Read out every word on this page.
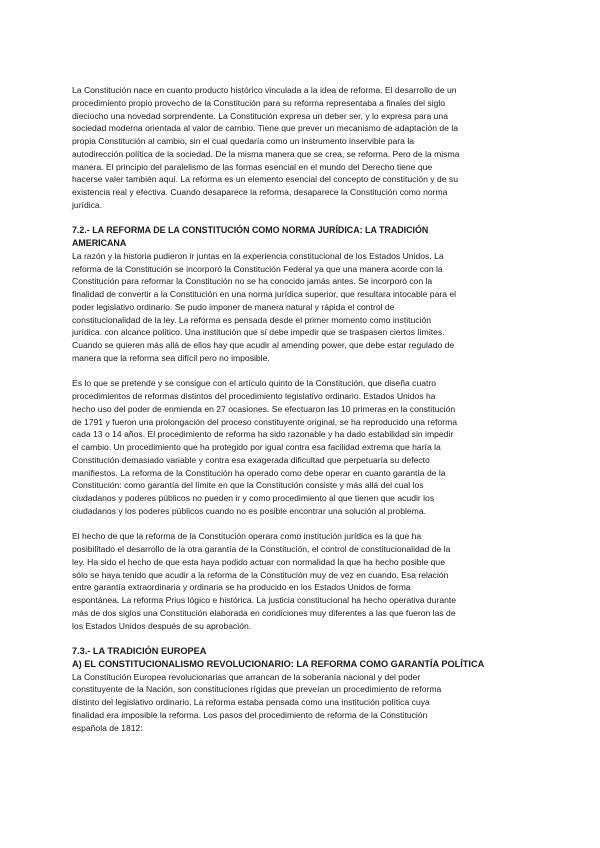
La Constitución nace en cuanto producto histórico vinculada a la idea de reforma. El desarrollo de un
procedimiento propio provecho de la Constitución para su reforma representaba a finales del siglo
dieciocho una novedad sorprendente. La Constitución expresa un deber ser, y lo expresa para una
sociedad moderna orientada al valor de cambio. Tiene que prever un mecanismo de adaptación de la
propia Constitución al cambio, sin el cual quedaría como un instrumento inservible para la
autodirección política de la sociedad. De la misma manera que se crea, se reforma. Pero de la misma
manera. El principio del paralelismo de las formas esencial en el mundo del Derecho tiene que
hacerse valer también aquí. La reforma es un elemento esencial del concepto de constitución y de su
existencia real y efectiva. Cuando desaparece la reforma, desaparece la Constitución como norma
jurídica.

7.2.- LA REFORMA DE LA CONSTITUCIÓN COMO NORMA JURÍDICA: LA TRADICIÓN
AMERICANA

La razón y la historia pudieron ir juntas en la experiencia constitucional de los Estados Unidos. La
reforma de la Constitución se incorporó la Constitución Federal ya que una manera acorde con la
Constitución para reformar la Constitución no se ha conocido jamás antes. Se incorporó con la
finalidad de convertir a la Constitución en una norma jurídica superior, que resultara intocable para el
poder legislativo ordinario. Se pudo imponer de manera natural y rápida el control de
constitucionalidad de la ley. La reforma es pensada desde el primer momento como institución
jurídica. con alcance político. Una institución que sí debe impedir que se traspasen ciertos límites.
Cuando se quieren más allá de ellos hay que acudir al amending power, que debe estar regulado de
manera que la reforma sea difícil pero no imposible.

Es lo que se pretende y se consigue con el artículo quinto de la Constitución, que diseña cuatro
procedimientos de reformas distintos del procedimiento legislativo ordinario. Estados Unidos ha
hecho uso del poder de enmienda en 27 ocasiones. Se efectuaron las 10 primeras en la constitución
de 1791 y fueron una prolongación del proceso constituyente original, se ha reproducido una reforma
cada 13 o 14 años. El procedimiento de reforma ha sido razonable y ha dado estabilidad sin impedir
el cambio. Un procedimiento que ha protegido por igual contra esa facilidad extrema que haría la
Constitución demasiado variable y contra esa exagerada dificultad que perpetuaría su defecto
manifiestos. La reforma de la Constitución ha operado como debe operar en cuanto garantía de la
Constitución: como garantía del límite en que la Constitución consiste y más allá del cual los
ciudadanos y poderes públicos no pueden ir y como procedimiento al que tienen que acudir los
ciudadanos y los poderes públicos cuando no es posible encontrar una solución al problema.

El hecho de que la reforma de la Constitución operara como institución jurídica es la que ha
posibilitado el desarrollo de la otra garantía de la Constitución, el control de constitucionalidad de la
ley. Ha sido el hecho de que esta haya podido actuar con normalidad la que ha hecho posible que
sólo se haya tenido que acudir a la reforma de la Constitución muy de vez en cuando. Esa relación
entre garantía extraordinaria y ordinaria se ha producido en los Estados Unidos de forma
espontánea. La reforma Prius lógico e histórica. La justicia constitucional ha hecho operativa durante
más de dos siglos una Constitución elaborada en condiciones muy diferentes a las que fueron las de
los Estados Unidos después de su aprobación.

7.3.- LA TRADICIÓN EUROPEA
A) EL CONSTITUCIONALISMO REVOLUCIONARIO: LA REFORMA COMO GARANTÍA POLÍTICA

La Constitución Europea revolucionarias que arrancan de la soberanía nacional y del poder
constituyente de la Nación, son constituciones rígidas que preveían un procedimiento de reforma
distinto del legislativo ordinario. La reforma estaba pensada como una institución política cuya
finalidad era imposible la reforma. Los pasos del procedimiento de reforma de la Constitución
española de 1812:
